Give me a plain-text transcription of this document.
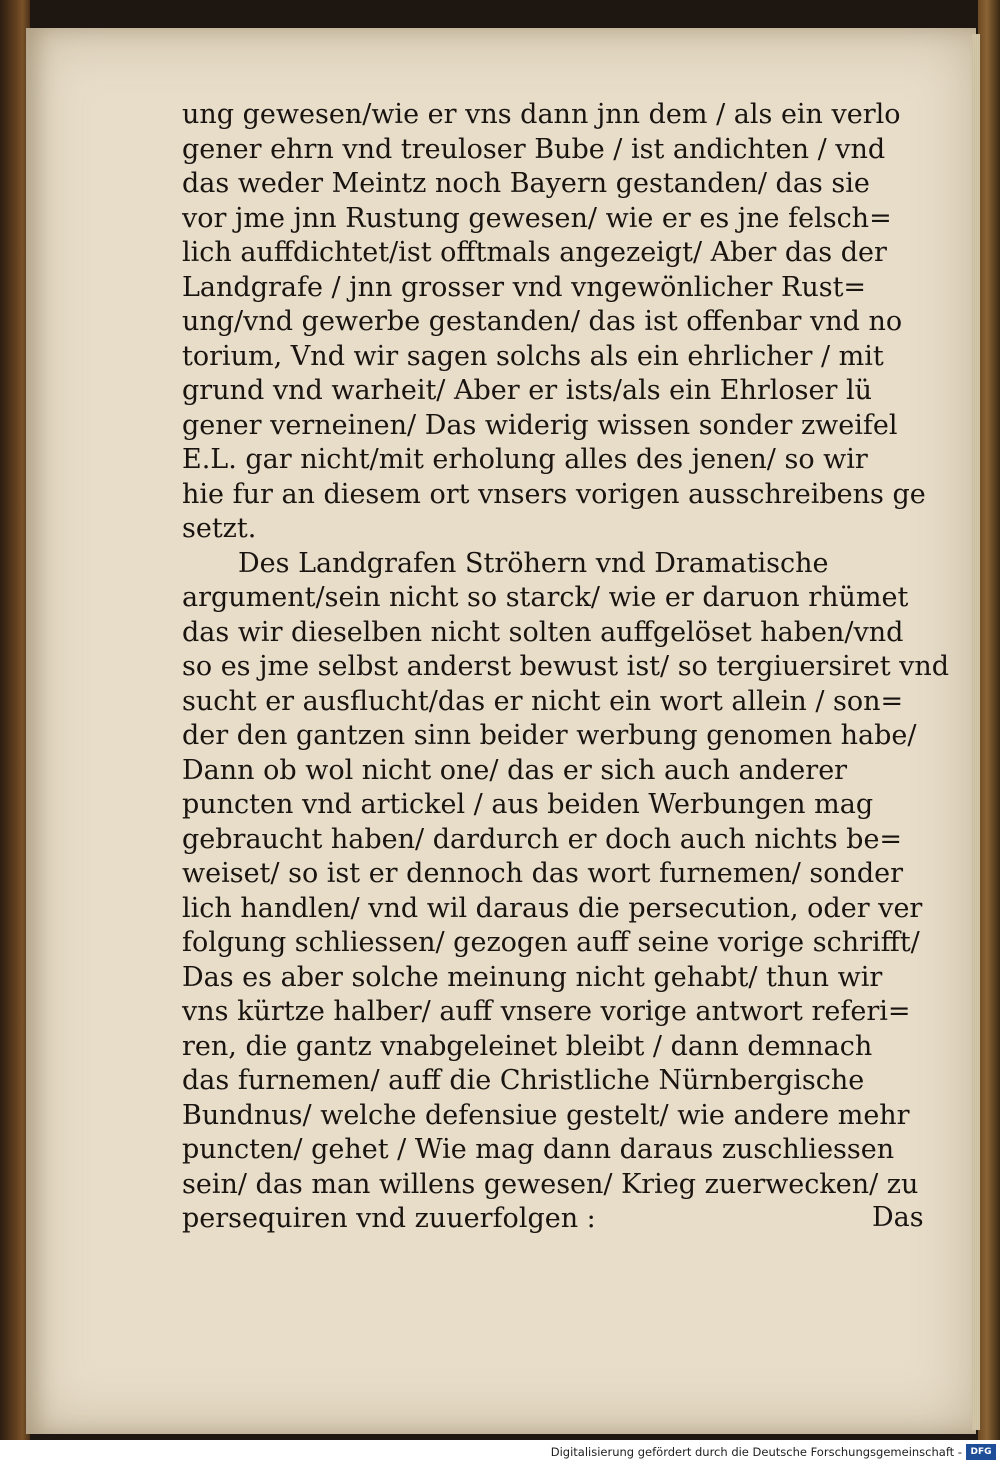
ung gewesen/wie er vns dann jnn dem / als ein verlo
gener ehrn vnd treuloser Bube / ist andichten / vnd
das weder Meintz noch Bayern gestanden/ das sie
vor jme jnn Rustung gewesen/ wie er es jne felsch=
lich auffdichtet/ist offtmals angezeigt/ Aber das der
Landgrafe / jnn grosser vnd vngewönlicher Rust=
ung/vnd gewerbe gestanden/ das ist offenbar vnd no
torium, Vnd wir sagen solchs als ein ehrlicher / mit
grund vnd warheit/ Aber er ists/als ein Ehrloser lü
gener verneinen/ Das widerig wissen sonder zweifel
E.L. gar nicht/mit erholung alles des jenen/ so wir
hie fur an diesem ort vnsers vorigen ausschreibens ge
setzt.
Des Landgrafen Ströhern vnd Dramatische
argument/sein nicht so starck/ wie er daruon rhümet
das wir dieselben nicht solten auffgelöset haben/vnd
so es jme selbst anderst bewust ist/ so tergiuersiret vnd
sucht er ausflucht/das er nicht ein wort allein / son=
der den gantzen sinn beider werbung genomen habe/
Dann ob wol nicht one/ das er sich auch anderer
puncten vnd artickel / aus beiden Werbungen mag
gebraucht haben/ dardurch er doch auch nichts be=
weiset/ so ist er dennoch das wort furnemen/ sonder
lich handlen/ vnd wil daraus die persecution, oder ver
folgung schliessen/ gezogen auff seine vorige schrifft/
Das es aber solche meinung nicht gehabt/ thun wir
vns kürtze halber/ auff vnsere vorige antwort referi=
ren, die gantz vnabgeleinet bleibt / dann demnach
das furnemen/ auff die Christliche Nürnbergische
Bundnus/ welche defensiue gestelt/ wie andere mehr
puncten/ gehet / Wie mag dann daraus zuschliessen
sein/ das man willens gewesen/ Krieg zuerwecken/ zu
persequiren vnd zuuerfolgen :	Das
Digitalisierung gefördert durch die Deutsche Forschungsgemeinschaft - DFG
